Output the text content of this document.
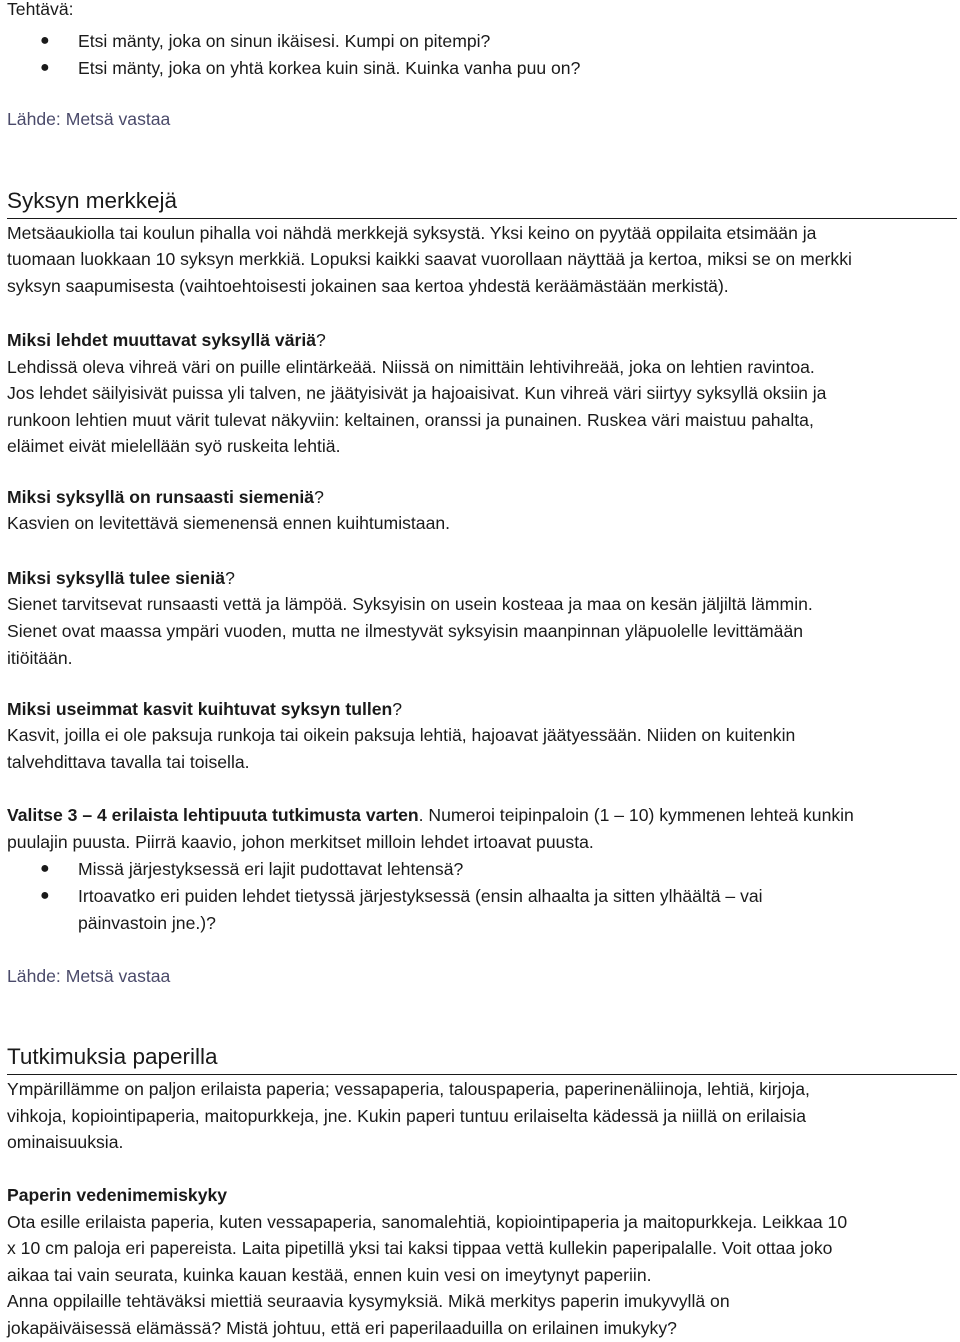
Tehtävä:
● Etsi mänty, joka on sinun ikäisesi. Kumpi on pitempi?
● Etsi mänty, joka on yhtä korkea kuin sinä. Kuinka vanha puu on?
Lähde: Metsä vastaa
Syksyn merkkejä
Metsäaukiolla tai koulun pihalla voi nähdä merkkejä syksystä. Yksi keino on pyytää oppilaita etsimään ja
tuomaan luokkaan 10 syksyn merkkiä. Lopuksi kaikki saavat vuorollaan näyttää ja kertoa, miksi se on merkki
syksyn saapumisesta (vaihtoehtoisesti jokainen saa kertoa yhdestä keräämästään merkistä).
Miksi lehdet muuttavat syksyllä väriä?
Lehdissä oleva vihreä väri on puille elintärkeää. Niissä on nimittäin lehtivihreää, joka on lehtien ravintoa.
Jos lehdet säilyisivät puissa yli talven, ne jäätyisivät ja hajoaisivat. Kun vihreä väri siirtyy syksyllä oksiin ja
runkoon lehtien muut värit tulevat näkyviin: keltainen, oranssi ja punainen. Ruskea väri maistuu pahalta,
eläimet eivät mielellään syö ruskeita lehtiä.
Miksi syksyllä on runsaasti siemeniä?
Kasvien on levitettävä siemenensä ennen kuihtumistaan.
Miksi syksyllä tulee sieniä?
Sienet tarvitsevat runsaasti vettä ja lämpöä. Syksyisin on usein kosteaa ja maa on kesän jäljiltä lämmin.
Sienet ovat maassa ympäri vuoden, mutta ne ilmestyvät syksyisin maanpinnan yläpuolelle levittämään
itiöitään.
Miksi useimmat kasvit kuihtuvat syksyn tullen?
Kasvit, joilla ei ole paksuja runkoja tai oikein paksuja lehtiä, hajoavat jäätyessään. Niiden on kuitenkin
talvehdittava tavalla tai toisella.
Valitse 3 – 4 erilaista lehtipuuta tutkimusta varten. Numeroi teipinpaloin (1 – 10) kymmenen lehteä kunkin
puulajin puusta. Piirrä kaavio, johon merkitset milloin lehdet irtoavat puusta.
● Missä järjestyksessä eri lajit pudottavat lehtensä?
● Irtoavatko eri puiden lehdet tietyssä järjestyksessä (ensin alhaalta ja sitten ylhäältä – vai
päinvastoin jne.)?
Lähde: Metsä vastaa
Tutkimuksia paperilla
Ympärillämme on paljon erilaista paperia; vessapaperia, talouspaperia, paperinenäliinoja, lehtiä, kirjoja,
vihkoja, kopiointipaperia, maitopurkkeja, jne. Kukin paperi tuntuu erilaiselta kädessä ja niillä on erilaisia
ominaisuuksia.
Paperin vedenimemiskyky
Ota esille erilaista paperia, kuten vessapaperia, sanomalehtiä, kopiointipaperia ja maitopurkkeja. Leikkaa 10
x 10 cm paloja eri papereista. Laita pipetillä yksi tai kaksi tippaa vettä kullekin paperipalalle. Voit ottaa joko
aikaa tai vain seurata, kuinka kauan kestää, ennen kuin vesi on imeytynyt paperiin.
Anna oppilaille tehtäväksi miettiä seuraavia kysymyksiä. Mikä merkitys paperin imukyvyllä on
jokapäiväisessä elämässä? Mistä johtuu, että eri paperilaaduilla on erilainen imukyky?
